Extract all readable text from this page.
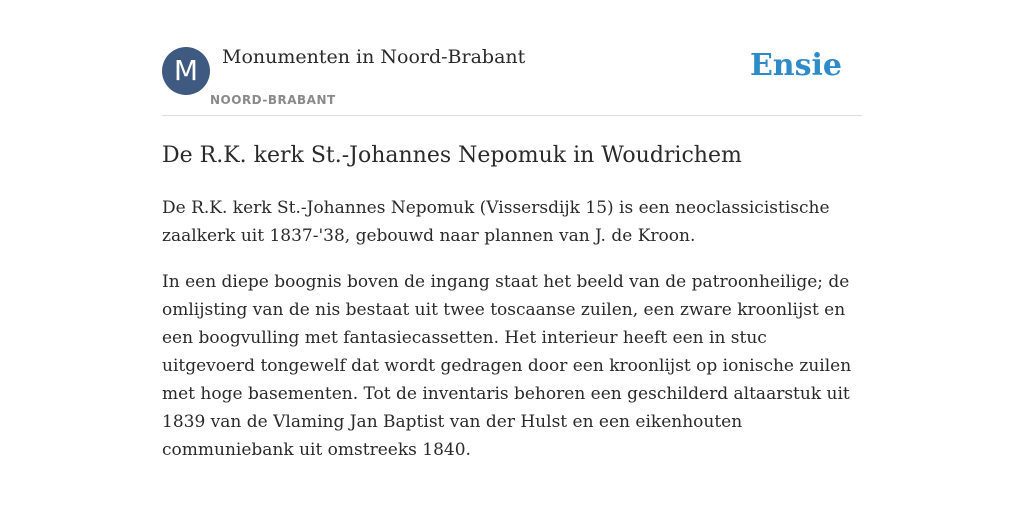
M	Monumenten in Noord-Brabant
NOORD-BRABANT
Ensie
De R.K. kerk St.-Johannes Nepomuk in Woudrichem

De R.K. kerk St.-Johannes Nepomuk (Vissersdijk 15) is een neoclassicistische zaalkerk uit 1837-'38, gebouwd naar plannen van J. de Kroon.

In een diepe boognis boven de ingang staat het beeld van de patroonheilige; de omlijsting van de nis bestaat uit twee toscaanse zuilen, een zware kroonlijst en een boogvulling met fantasiecassetten. Het interieur heeft een in stuc uitgevoerd tongewelf dat wordt gedragen door een kroonlijst op ionische zuilen met hoge basementen. Tot de inventaris behoren een geschilderd altaarstuk uit 1839 van de Vlaming Jan Baptist van der Hulst en een eikenhouten communiebank uit omstreeks 1840.
